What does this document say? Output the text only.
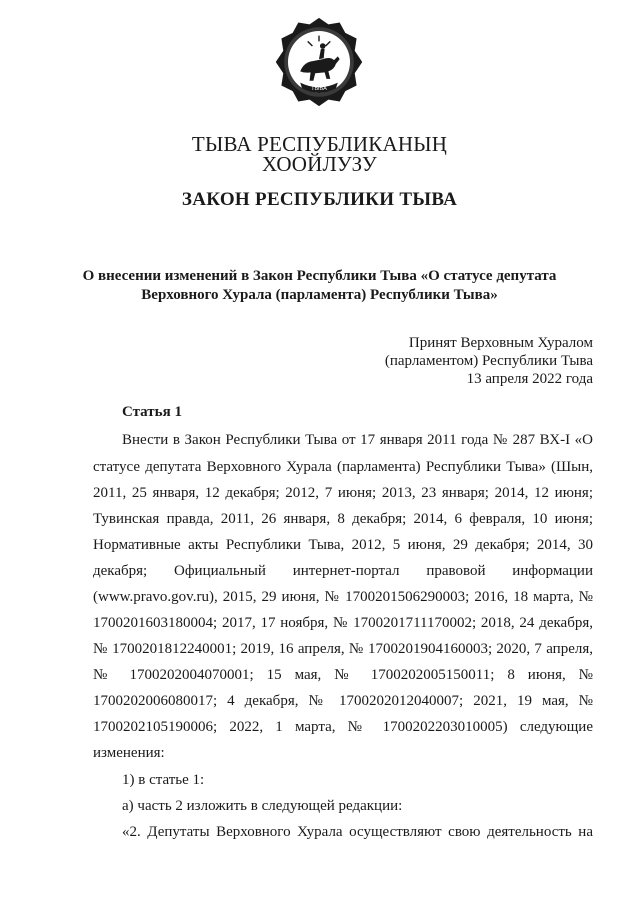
ТЫВА
ТЫВА РЕСПУБЛИКАНЫҢ
ХООЙЛУЗУ
ЗАКОН РЕСПУБЛИКИ ТЫВА
О внесении изменений в Закон Республики Тыва «О статусе депутата
Верховного Хурала (парламента) Республики Тыва»
Принят Верховным Хуралом
(парламентом) Республики Тыва
13 апреля 2022 года
Статья 1
Внести в Закон Республики Тыва от 17 января 2011 года № 287 ВХ-I «О
статусе депутата Верховного Хурала (парламента) Республики Тыва» (Шын,
2011, 25 января, 12 декабря; 2012, 7 июня; 2013, 23 января; 2014, 12 июня;
Тувинская правда, 2011, 26 января, 8 декабря; 2014, 6 февраля, 10 июня;
Нормативные акты Республики Тыва, 2012, 5 июня, 29 декабря; 2014, 30
декабря; Официальный интернет-портал правовой информации
(www.pravo.gov.ru), 2015, 29 июня, № 1700201506290003; 2016, 18 марта, №
1700201603180004; 2017, 17 ноября, № 1700201711170002; 2018, 24 декабря,
№ 1700201812240001; 2019, 16 апреля, № 1700201904160003; 2020, 7 апреля,
№ 1700202004070001; 15 мая, № 1700202005150011; 8 июня, №
1700202006080017; 4 декабря, № 1700202012040007; 2021, 19 мая, №
1700202105190006; 2022, 1 марта, № 1700202203010005) следующие
изменения:
1) в статье 1:
а) часть 2 изложить в следующей редакции:
«2. Депутаты Верховного Хурала осуществляют свою деятельность на
